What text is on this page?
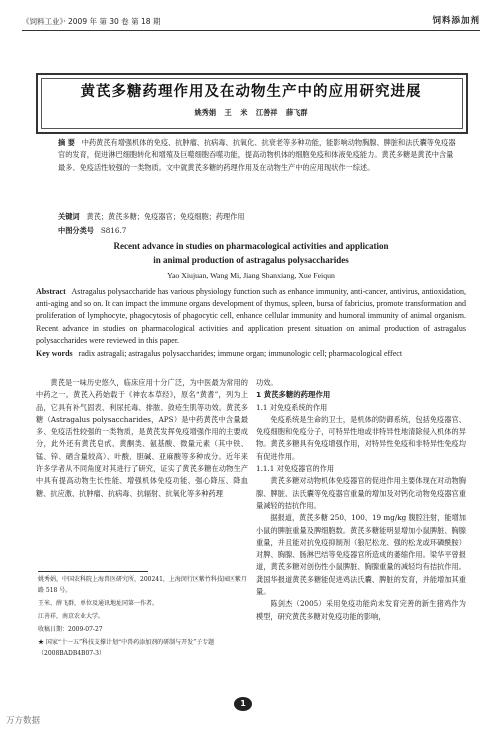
《饲料工业》· 2009 年 第 30 卷 第 18 期	饲料添加剂
黄芪多糖药理作用及在动物生产中的应用研究进展
姚秀娟 王 米 江善祥 薛飞群
摘 要 中药黄芪有增强机体的免疫、抗肿瘤、抗病毒、抗氧化、抗衰老等多种功能，能影响动物胸腺、脾脏和法氏囊等免疫器官的发育，促进淋巴细胞转化和增殖及巨噬细胞吞噬功能，提高动物机体的细胞免疫和体液免疫能力。黄芪多糖是黄芪中含量最多、免疫活性较强的一类物质。文中就黄芪多糖的药理作用及在动物生产中的应用现状作一综述。
关键词 黄芪；黄芪多糖；免疫器官；免疫细胞；药理作用
中图分类号 S816.7
Recent advance in studies on pharmacological activities and application
in animal production of astragalus polysaccharides
Yao Xiujuan, Wang Mi, Jiang Shanxiang, Xue Feiqun
Abstract Astragalus polysaccharide has various physiology function such as enhance immunity, anti-cancer, antivirus, antioxidation, anti-aging and so on. It can impact the immune organs development of thymus, spleen, bursa of fabricius, promote transformation and proliferation of lymphocyte, phagocytosis of phagocytic cell, enhance cellular immunity and humoral immunity of animal organism. Recent advance in studies on pharmacological activities and application present situation on animal production of astragalus polysaccharides were reviewed in this paper.
Key words radix astragali; astragalus polysaccharides; immune organ; immunologic cell; pharmacological effect

黄芪是一味历史悠久，临床应用十分广泛，为中医最为常用的中药之一。黄芪入药始载于《神农本草经》，原名“黄耆”，列为上品，它具有补气固表、利尿托毒、排脓、敛疮生肌等功效。黄芪多糖（Astragalus polysaccharides，APS）是中药黄芪中含量最多、免疫活性较强的一类物质，是黄芪发挥免疫增强作用的主要成分，此外还有黄芪皂甙、黄酮类、氨基酸、微量元素（其中铁、锰、锌、硒含量较高）、叶酸、胆碱、亚麻酸等多种成分。近年来许多学者从不同角度对其进行了研究，证实了黄芪多糖在动物生产中具有提高动物生长性能、增强机体免疫功能、强心降压、降血糖、抗应激、抗肿瘤、抗病毒、抗辐射、抗氧化等多种药理

姚秀娟，中国农科院上海兽医研究所，200241，上海闵行区紫竹科技园区紫月路 518 号。
王米、薛飞群，单位及通讯地址同第一作者。
江善祥，南京农业大学。
收稿日期：2009-07-27
★ 国家“十一五”科技支撑计划“中兽药添加剂的研制与开发”子专题（2008BADB4B07-3）

功效。

1 黄芪多糖的药理作用
1.1 对免疫系统的作用

免疫系统是生命的卫士，是机体的防御系统，包括免疫器官、免疫细胞和免疫分子，可特异性地或非特异性地清除侵入机体的异物。黄芪多糖具有免疫增强作用，对特异性免疫和非特异性免疫均有促进作用。

1.1.1 对免疫器官的作用

黄芪多糖对动物机体免疫器官的促进作用主要体现在对动物胸腺、脾脏、法氏囊等免疫器官重量的增加及对钙化动物免疫器官重量减轻的拮抗作用。

据报道，黄芪多糖 250、100、19 mg/kg 腹腔注射，能增加小鼠的脾脏重量及脾细胞数。黄芪多糖能明显增加小鼠脾脏、胸腺重量，并且能对抗免疫抑制剂（狼尼松龙、强的松龙或环磷酰胺）对脾、胸腺、肠淋巴结等免疫器官所造成的萎缩作用。梁华平曾报道，黄芪多糖对创伤性小鼠脾脏、胸腺重量的减轻均有拮抗作用。龚国华报道黄芪多糖能促进鸡法氏囊、脾脏的发育，并能增加其重量。

陈剑杰（2005）采用免疫功能尚未发育完善的新生猪鸡作为模型，研究黄芪多糖对免疫功能的影响，

1
万方数据
